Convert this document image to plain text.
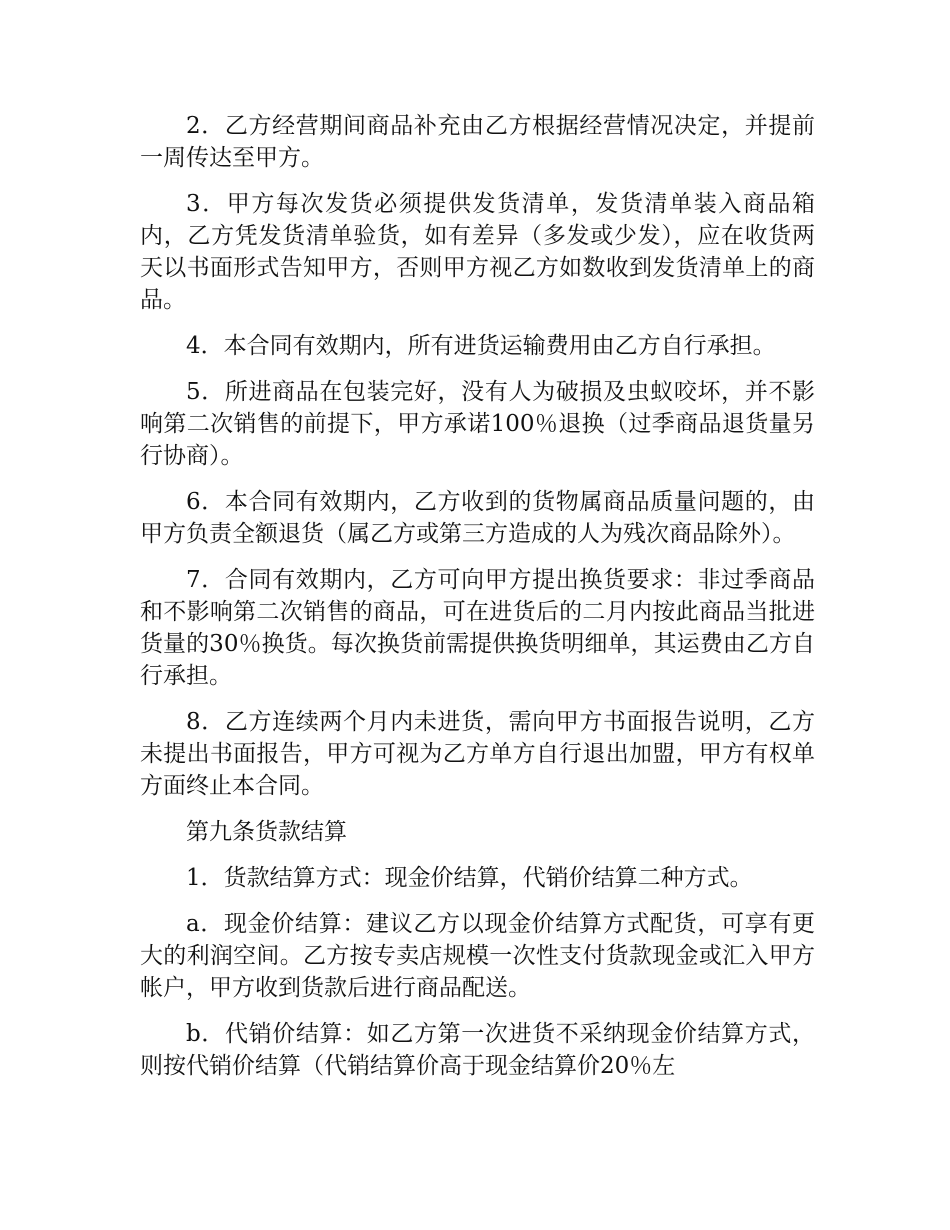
2．乙方经营期间商品补充由乙方根据经营情况决定，并提前一周传达至甲方。

3．甲方每次发货必须提供发货清单，发货清单装入商品箱内，乙方凭发货清单验货，如有差异（多发或少发），应在收货两天以书面形式告知甲方，否则甲方视乙方如数收到发货清单上的商品。

4．本合同有效期内，所有进货运输费用由乙方自行承担。

5．所进商品在包装完好，没有人为破损及虫蚁咬坏，并不影响第二次销售的前提下，甲方承诺100％退换（过季商品退货量另行协商）。

6．本合同有效期内，乙方收到的货物属商品质量问题的，由甲方负责全额退货（属乙方或第三方造成的人为残次商品除外）。

7．合同有效期内，乙方可向甲方提出换货要求：非过季商品和不影响第二次销售的商品，可在进货后的二月内按此商品当批进货量的30％换货。每次换货前需提供换货明细单，其运费由乙方自行承担。

8．乙方连续两个月内未进货，需向甲方书面报告说明，乙方未提出书面报告，甲方可视为乙方单方自行退出加盟，甲方有权单方面终止本合同。

第九条货款结算

1．货款结算方式：现金价结算，代销价结算二种方式。

a．现金价结算：建议乙方以现金价结算方式配货，可享有更大的利润空间。乙方按专卖店规模一次性支付货款现金或汇入甲方帐户，甲方收到货款后进行商品配送。

b．代销价结算：如乙方第一次进货不采纳现金价结算方式，则按代销价结算（代销结算价高于现金结算价20％左
